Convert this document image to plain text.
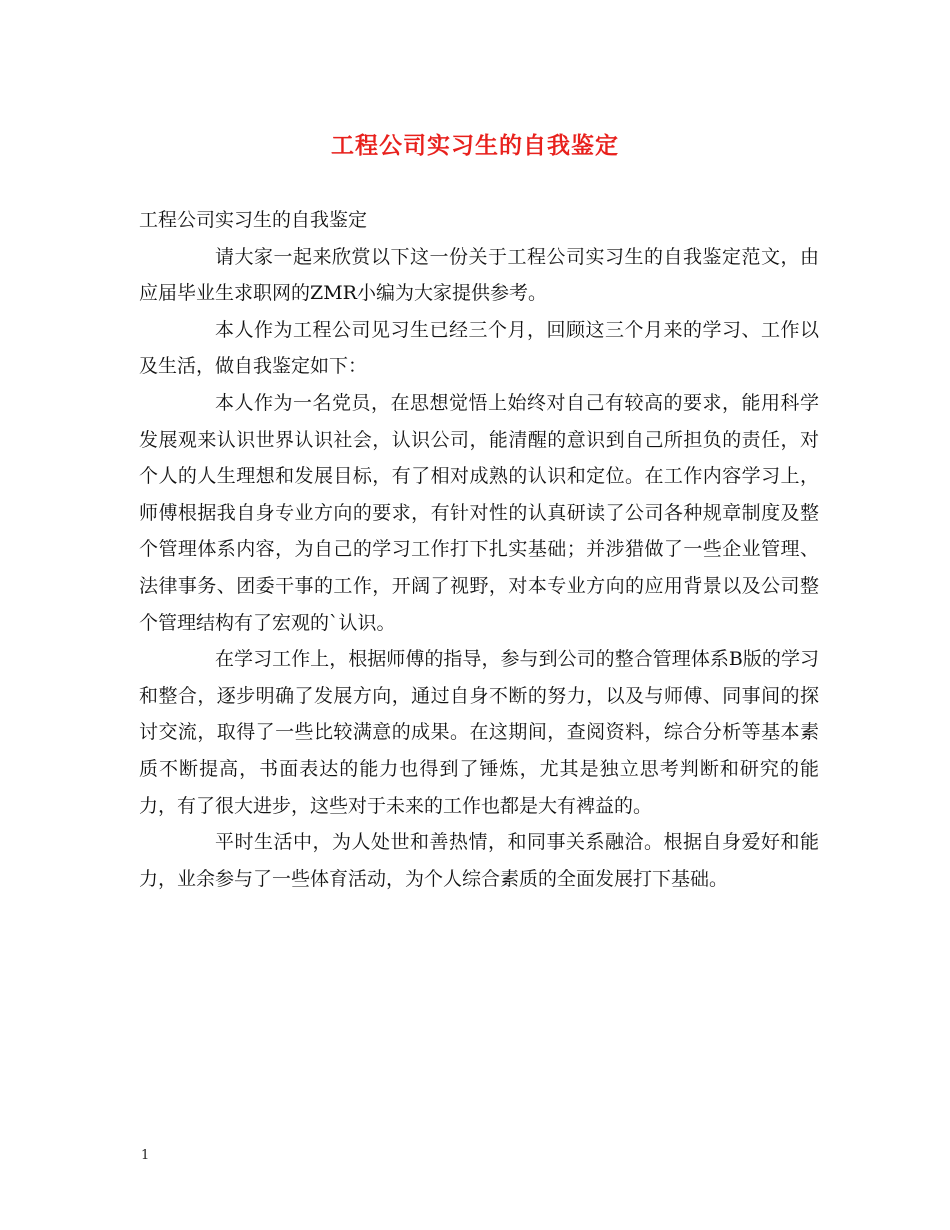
工程公司实习生的自我鉴定

工程公司实习生的自我鉴定

请大家一起来欣赏以下这一份关于工程公司实习生的自我鉴定范文，由应届毕业生求职网的ZMR小编为大家提供参考。

本人作为工程公司见习生已经三个月，回顾这三个月来的学习、工作以及生活，做自我鉴定如下：

本人作为一名党员，在思想觉悟上始终对自己有较高的要求，能用科学发展观来认识世界认识社会，认识公司，能清醒的意识到自己所担负的责任，对个人的人生理想和发展目标，有了相对成熟的认识和定位。在工作内容学习上，师傅根据我自身专业方向的要求，有针对性的认真研读了公司各种规章制度及整个管理体系内容，为自己的学习工作打下扎实基础；并涉猎做了一些企业管理、法律事务、团委干事的工作，开阔了视野，对本专业方向的应用背景以及公司整个管理结构有了宏观的`认识。

在学习工作上，根据师傅的指导，参与到公司的整合管理体系B版的学习和整合，逐步明确了发展方向，通过自身不断的努力，以及与师傅、同事间的探讨交流，取得了一些比较满意的成果。在这期间，查阅资料，综合分析等基本素质不断提高，书面表达的能力也得到了锤炼，尤其是独立思考判断和研究的能力，有了很大进步，这些对于未来的工作也都是大有裨益的。

平时生活中，为人处世和善热情，和同事关系融洽。根据自身爱好和能力，业余参与了一些体育活动，为个人综合素质的全面发展打下基础。

1
